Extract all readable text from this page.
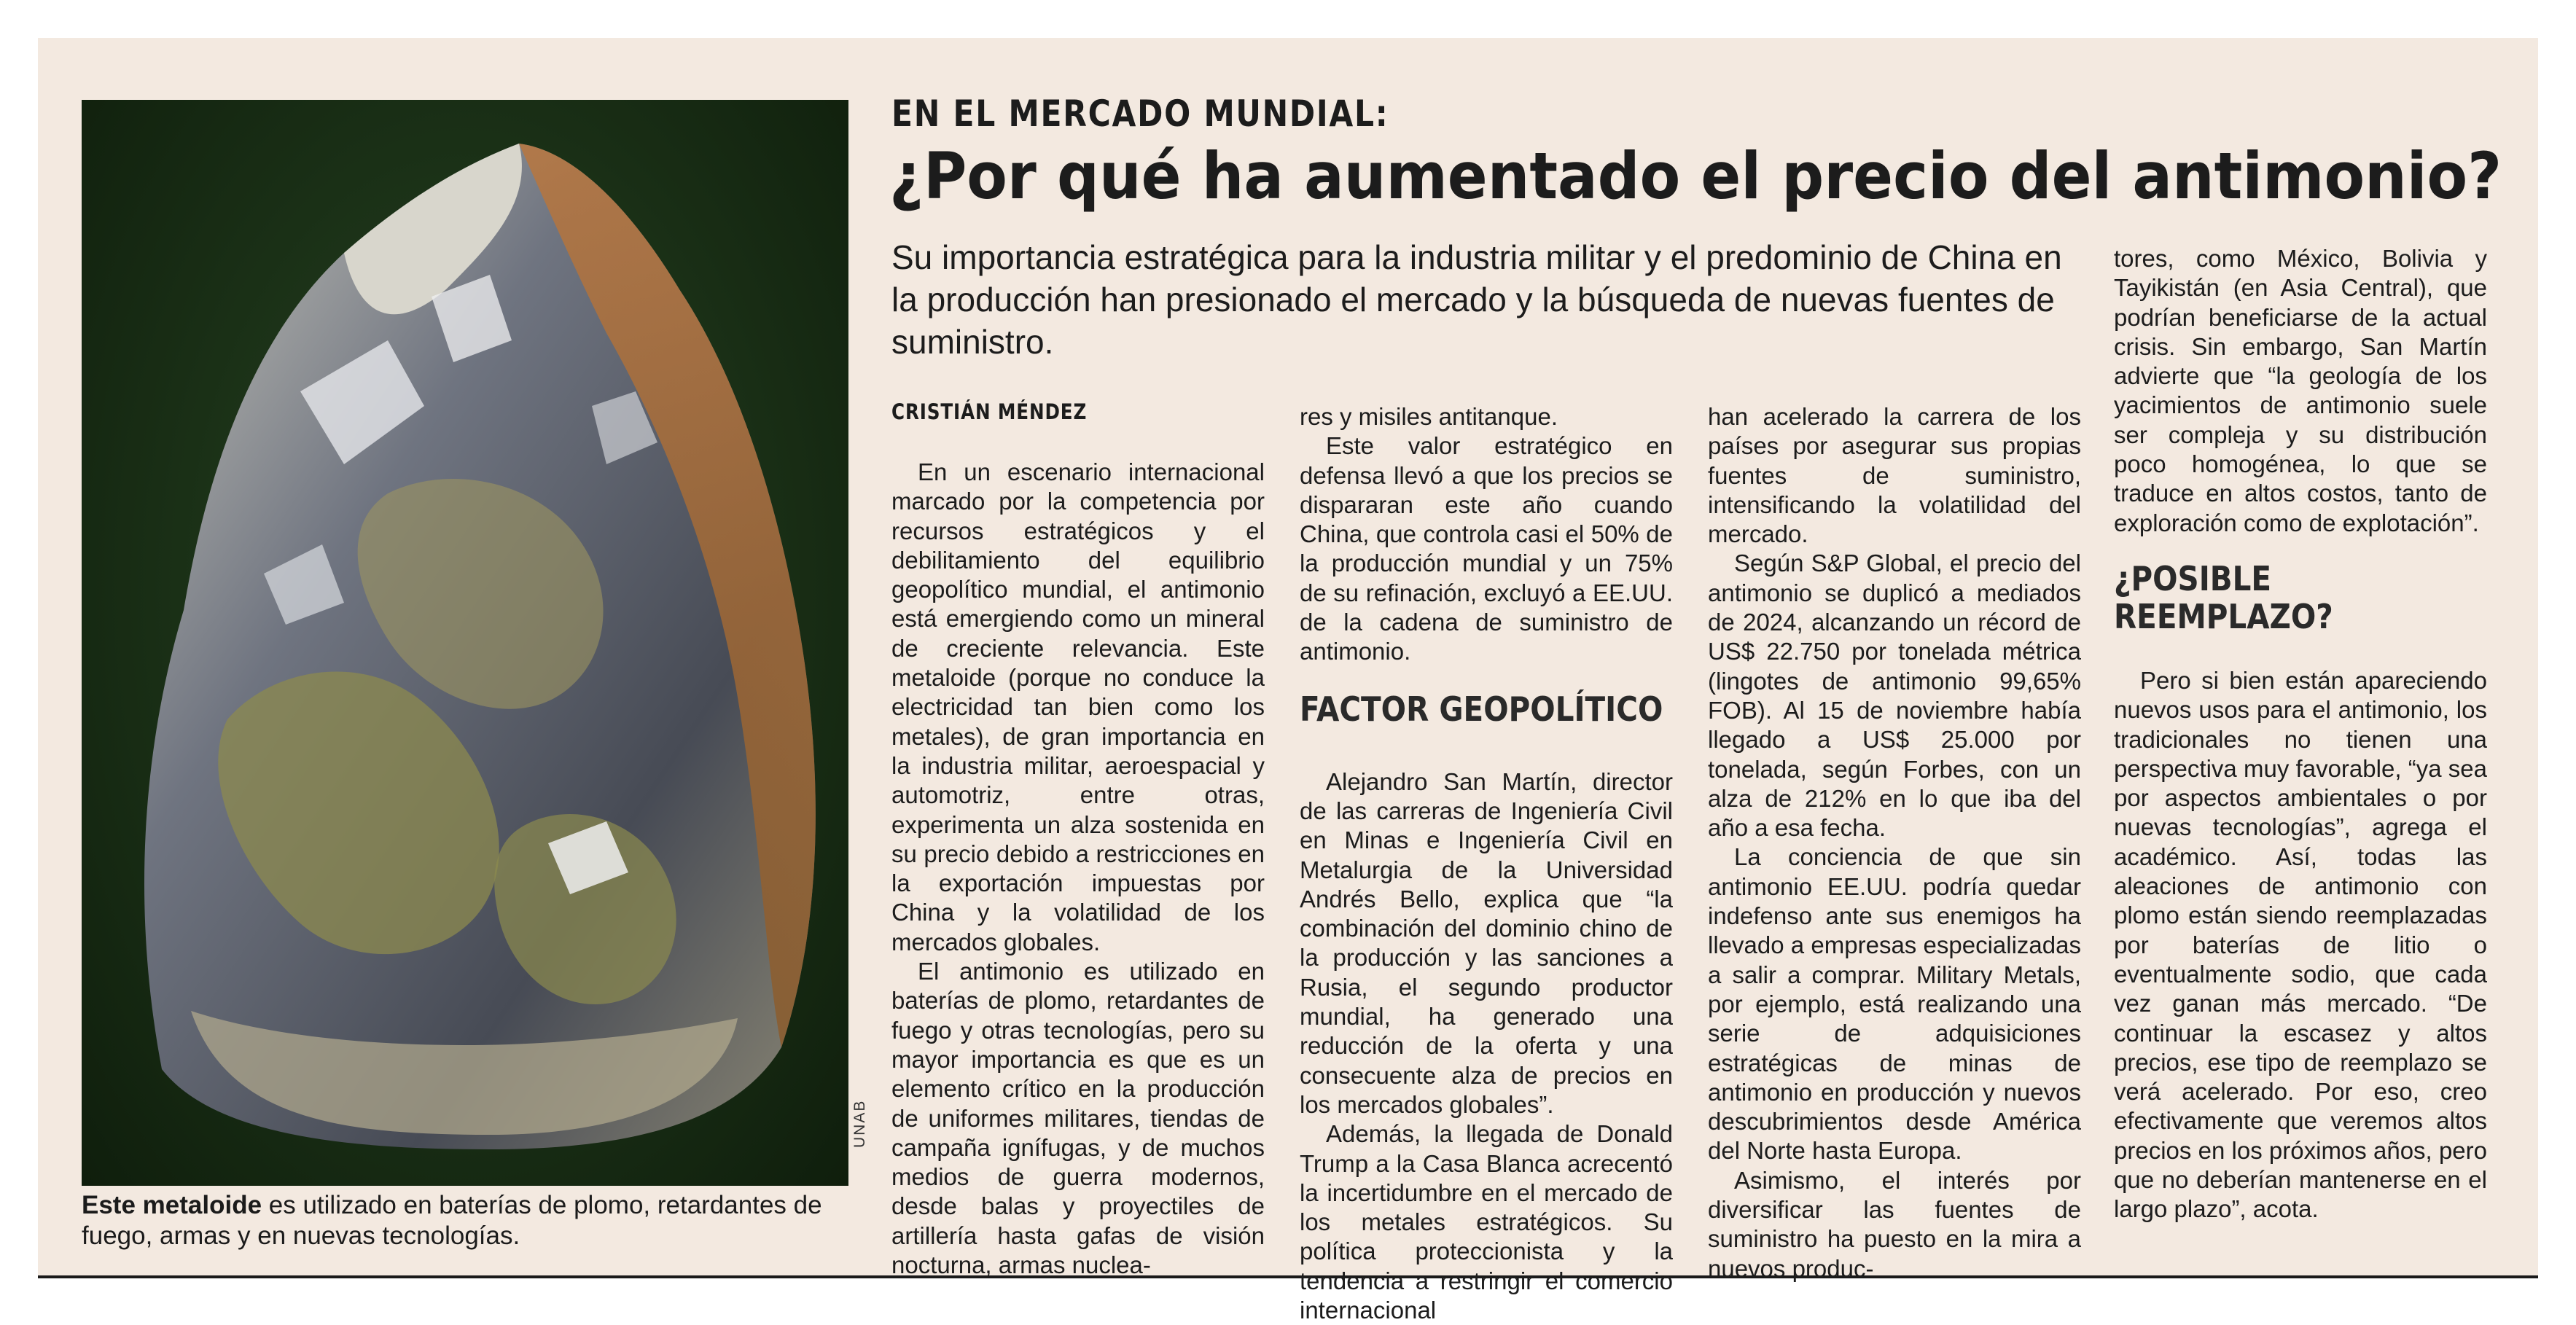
UNAB
Este metaloide es utilizado en baterías de plomo, retardantes de fuego, armas y en nuevas tecnologías.
EN EL MERCADO MUNDIAL:
¿Por qué ha aumentado el precio del antimonio?
Su importancia estratégica para la industria militar y el predominio de China en la producción han presionado el mercado y la búsqueda de nuevas fuentes de suministro.
CRISTIÁN MÉNDEZ

En un escenario internacional marcado por la competencia por recursos estratégicos y el debilitamiento del equilibrio geopolítico mundial, el antimonio está emergiendo como un mineral de creciente relevancia. Este metaloide (porque no conduce la electricidad tan bien como los metales), de gran importancia en la industria militar, aeroespacial y automotriz, entre otras, experimenta un alza sostenida en su precio debido a restricciones en la exportación impuestas por China y la volatilidad de los mercados globales.

El antimonio es utilizado en baterías de plomo, retardantes de fuego y otras tecnologías, pero su mayor importancia es que es un elemento crítico en la producción de uniformes militares, tiendas de campaña ignífugas, y de muchos medios de guerra modernos, desde balas y proyectiles de artillería hasta gafas de visión nocturna, armas nuclea-

res y misiles antitanque.

Este valor estratégico en defensa llevó a que los precios se dispararan este año cuando China, que controla casi el 50% de la producción mundial y un 75% de su refinación, excluyó a EE.UU. de la cadena de suministro de antimonio.

FACTOR GEOPOLÍTICO

Alejandro San Martín, director de las carreras de Ingeniería Civil en Minas e Ingeniería Civil en Metalurgia de la Universidad Andrés Bello, explica que “la combinación del dominio chino de la producción y las sanciones a Rusia, el segundo productor mundial, ha generado una reducción de la oferta y una consecuente alza de precios en los mercados globales”.

Además, la llegada de Donald Trump a la Casa Blanca acrecentó la incertidumbre en el mercado de los metales estratégicos. Su política proteccionista y la tendencia a restringir el comercio internacional

han acelerado la carrera de los países por asegurar sus propias fuentes de suministro, intensificando la volatilidad del mercado.

Según S&P Global, el precio del antimonio se duplicó a mediados de 2024, alcanzando un récord de US$ 22.750 por tonelada métrica (lingotes de antimonio 99,65% FOB). Al 15 de noviembre había llegado a US$ 25.000 por tonelada, según Forbes, con un alza de 212% en lo que iba del año a esa fecha.

La conciencia de que sin antimonio EE.UU. podría quedar indefenso ante sus enemigos ha llevado a empresas especializadas a salir a comprar. Military Metals, por ejemplo, está realizando una serie de adquisiciones estratégicas de minas de antimonio en producción y nuevos descubrimientos desde América del Norte hasta Europa.

Asimismo, el interés por diversificar las fuentes de suministro ha puesto en la mira a nuevos produc-

tores, como México, Bolivia y Tayikistán (en Asia Central), que podrían beneficiarse de la actual crisis. Sin embargo, San Martín advierte que “la geología de los yacimientos de antimonio suele ser compleja y su distribución poco homogénea, lo que se traduce en altos costos, tanto de exploración como de explotación”.

¿POSIBLE REEMPLAZO?

Pero si bien están apareciendo nuevos usos para el antimonio, los tradicionales no tienen una perspectiva muy favorable, “ya sea por aspectos ambientales o por nuevas tecnologías”, agrega el académico. Así, todas las aleaciones de antimonio con plomo están siendo reemplazadas por baterías de litio o eventualmente sodio, que cada vez ganan más mercado. “De continuar la escasez y altos precios, ese tipo de reemplazo se verá acelerado. Por eso, creo efectivamente que veremos altos precios en los próximos años, pero que no deberían mantenerse en el largo plazo”, acota.
